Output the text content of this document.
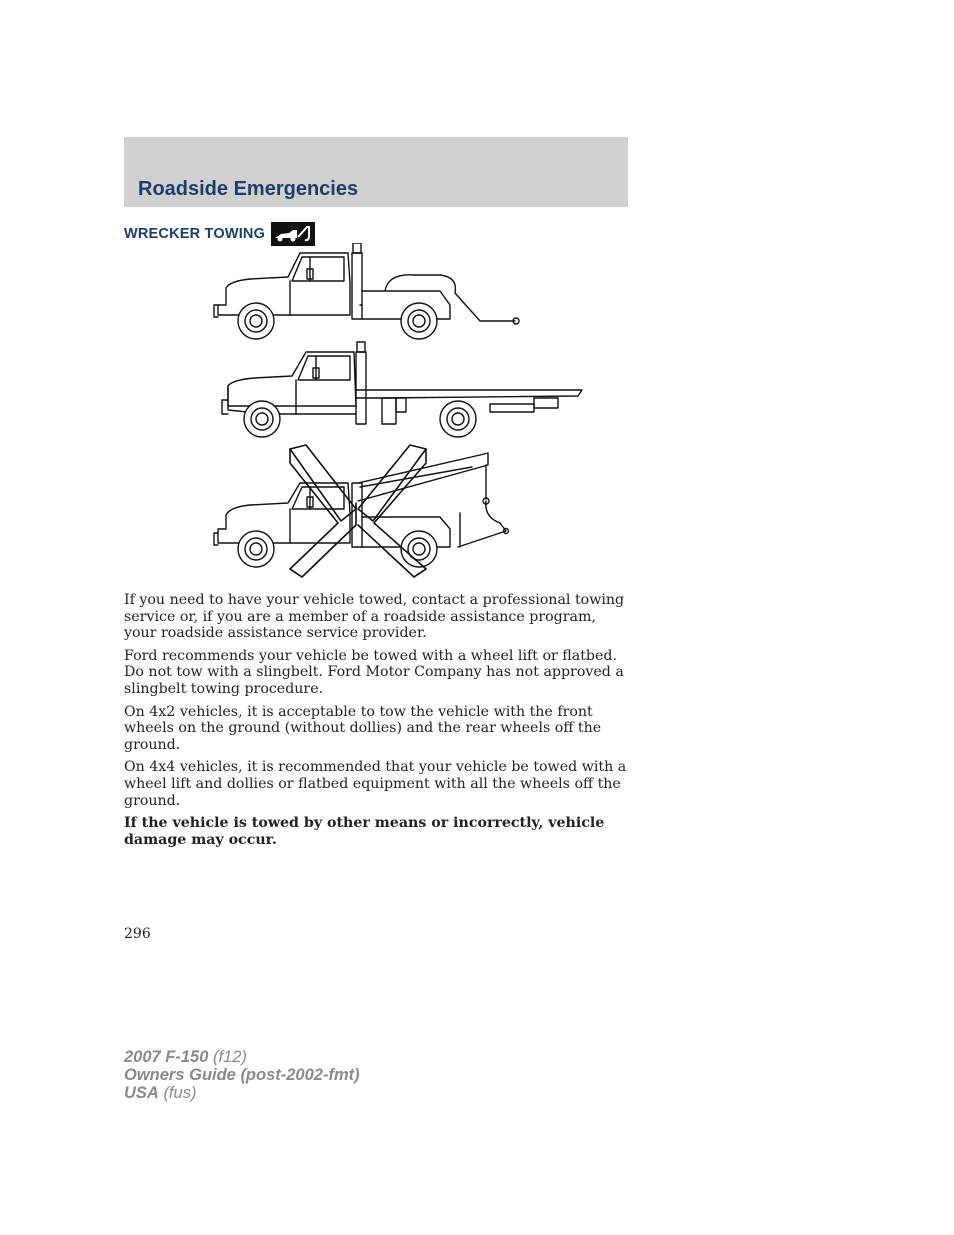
Roadside Emergencies
WRECKER TOWING

If you need to have your vehicle towed, contact a professional towing service or, if you are a member of a roadside assistance program, your roadside assistance service provider.

Ford recommends your vehicle be towed with a wheel lift or flatbed. Do not tow with a slingbelt. Ford Motor Company has not approved a slingbelt towing procedure.

On 4x2 vehicles, it is acceptable to tow the vehicle with the front wheels on the ground (without dollies) and the rear wheels off the ground.

On 4x4 vehicles, it is recommended that your vehicle be towed with a wheel lift and dollies or flatbed equipment with all the wheels off the ground.

If the vehicle is towed by other means or incorrectly, vehicle damage may occur.

296
2007 F-150 (f12)
Owners Guide (post-2002-fmt)
USA (fus)
